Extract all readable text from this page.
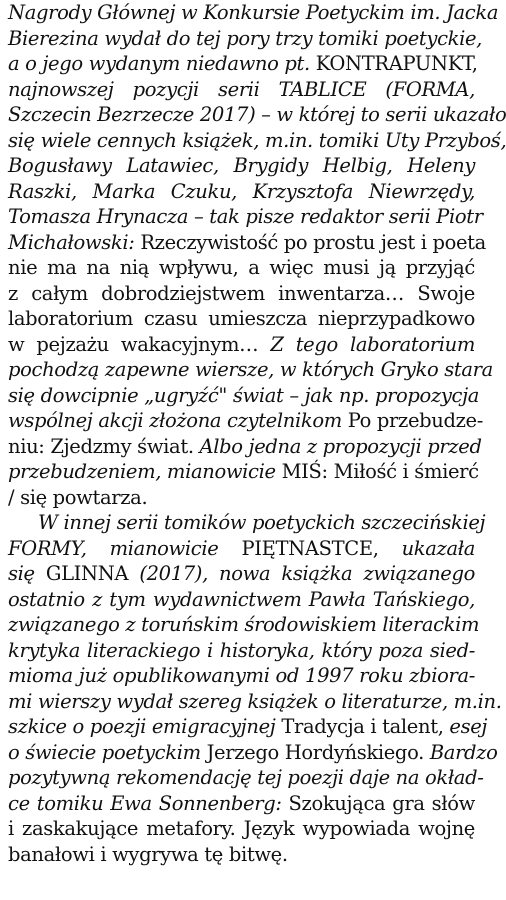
Nagrody Głównej w Konkursie Poetyckim im. Jacka
Bierezina wydał do tej pory trzy tomiki poetyckie,
a o jego wydanym niedawno pt. KONTRAPUNKT,
najnowszej pozycji serii TABLICE (FORMA,
Szczecin Bezrzecze 2017) – w której to serii ukazało
się wiele cennych książek, m.in. tomiki Uty Przyboś,
Bogusławy Latawiec, Brygidy Helbig, Heleny
Raszki, Marka Czuku, Krzysztofa Niewrzędy,
Tomasza Hrynacza – tak pisze redaktor serii Piotr
Michałowski: Rzeczywistość po prostu jest i poeta
nie ma na nią wpływu, a więc musi ją przyjąć
z całym dobrodziejstwem inwentarza… Swoje
laboratorium czasu umieszcza nieprzypadkowo
w pejzażu wakacyjnym… Z tego laboratorium
pochodzą zapewne wiersze, w których Gryko stara
się dowcipnie „ugryźć" świat – jak np. propozycja
wspólnej akcji złożona czytelnikom Po przebudze-
niu: Zjedzmy świat. Albo jedna z propozycji przed
przebudzeniem, mianowicie MIŚ: Miłość i śmierć
/ się powtarza.
W innej serii tomików poetyckich szczecińskiej
FORMY, mianowicie PIĘTNASTCE, ukazała
się GLINNA (2017), nowa książka związanego
ostatnio z tym wydawnictwem Pawła Tańskiego,
związanego z toruńskim środowiskiem literackim
krytyka literackiego i historyka, który poza sied-
mioma już opublikowanymi od 1997 roku zbiora-
mi wierszy wydał szereg książek o literaturze, m.in.
szkice o poezji emigracyjnej Tradycja i talent, esej
o świecie poetyckim Jerzego Hordyńskiego. Bardzo
pozytywną rekomendację tej poezji daje na okład-
ce tomiku Ewa Sonnenberg: Szokująca gra słów
i zaskakujące metafory. Język wypowiada wojnę
banałowi i wygrywa tę bitwę.
